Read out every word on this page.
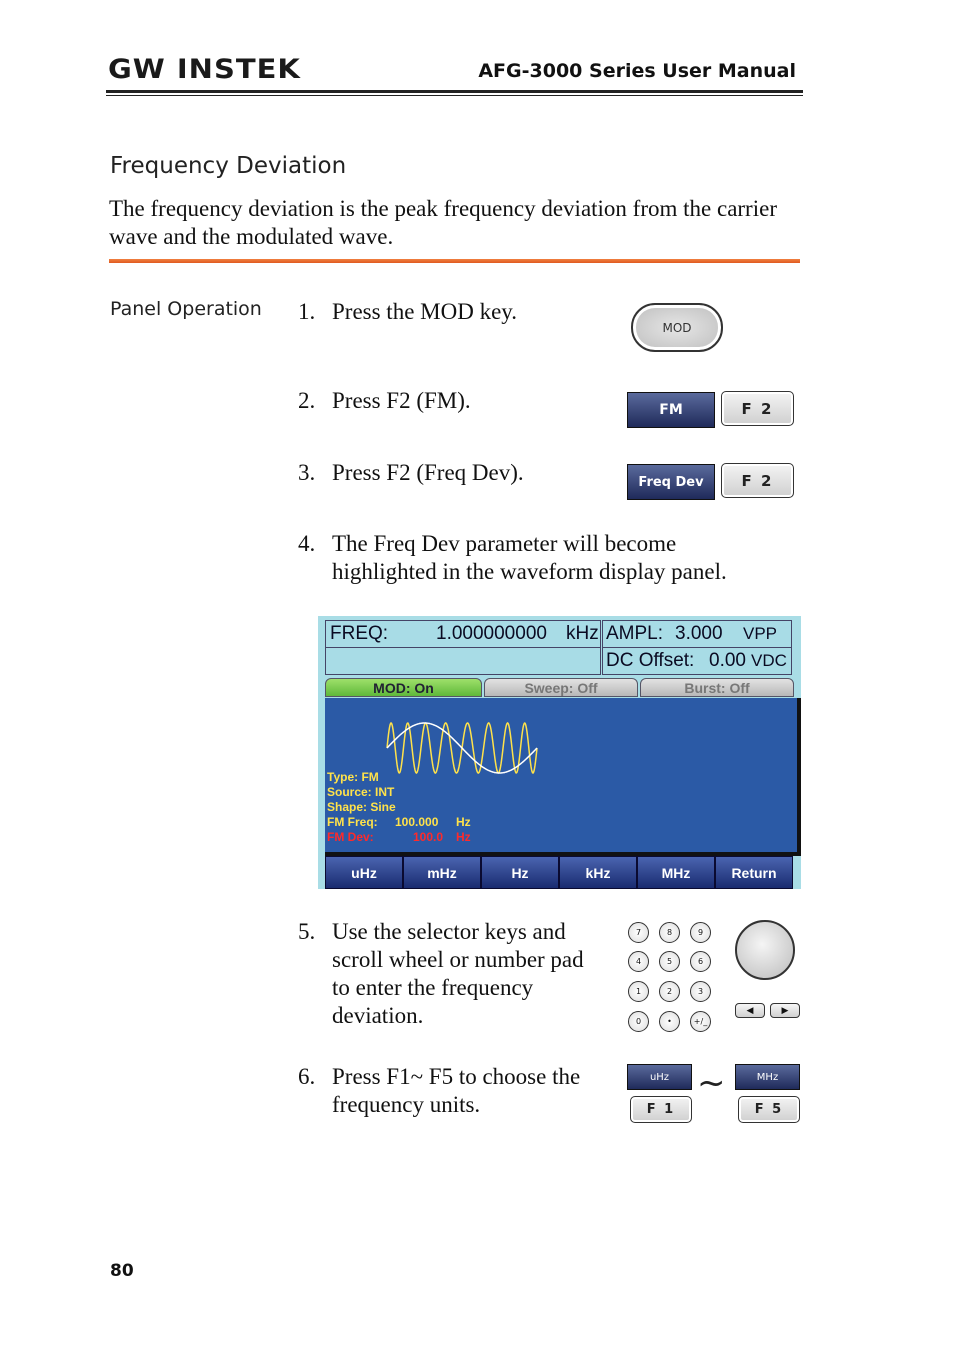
GW INSTEK	AFG-3000 Series User Manual
Frequency Deviation
The frequency deviation is the peak frequency deviation from the carrier wave and the modulated wave.
Panel Operation 1. Press the MOD key.
MOD
2. Press F2 (FM).	FM	F 2
3. Press F2 (Freq Dev).	Freq Dev	F 2
4. The Freq Dev parameter will become
highlighted in the waveform display panel.
FREQ:	1.000000000 kHz AMPL: 3.000 VPP
DC Offset: 0.00 VDC
MOD: On	Sweep: Off	Burst: Off
Type: FM
Source: INT
Shape: Sine
FM Freq: 100.000 Hz
FM Dev:	100.0 Hz
uHz	mHz	Hz	kHz	MHz	Return
5. Use the selector keys and
scroll wheel or number pad
to enter the frequency
deviation.
7	8	9
4	5	6
1	2	3
0	•	+/_
◀	▶
6. Press F1~ F5 to choose the
frequency units.
uHz
F 1
~	MHz
F 5
80
